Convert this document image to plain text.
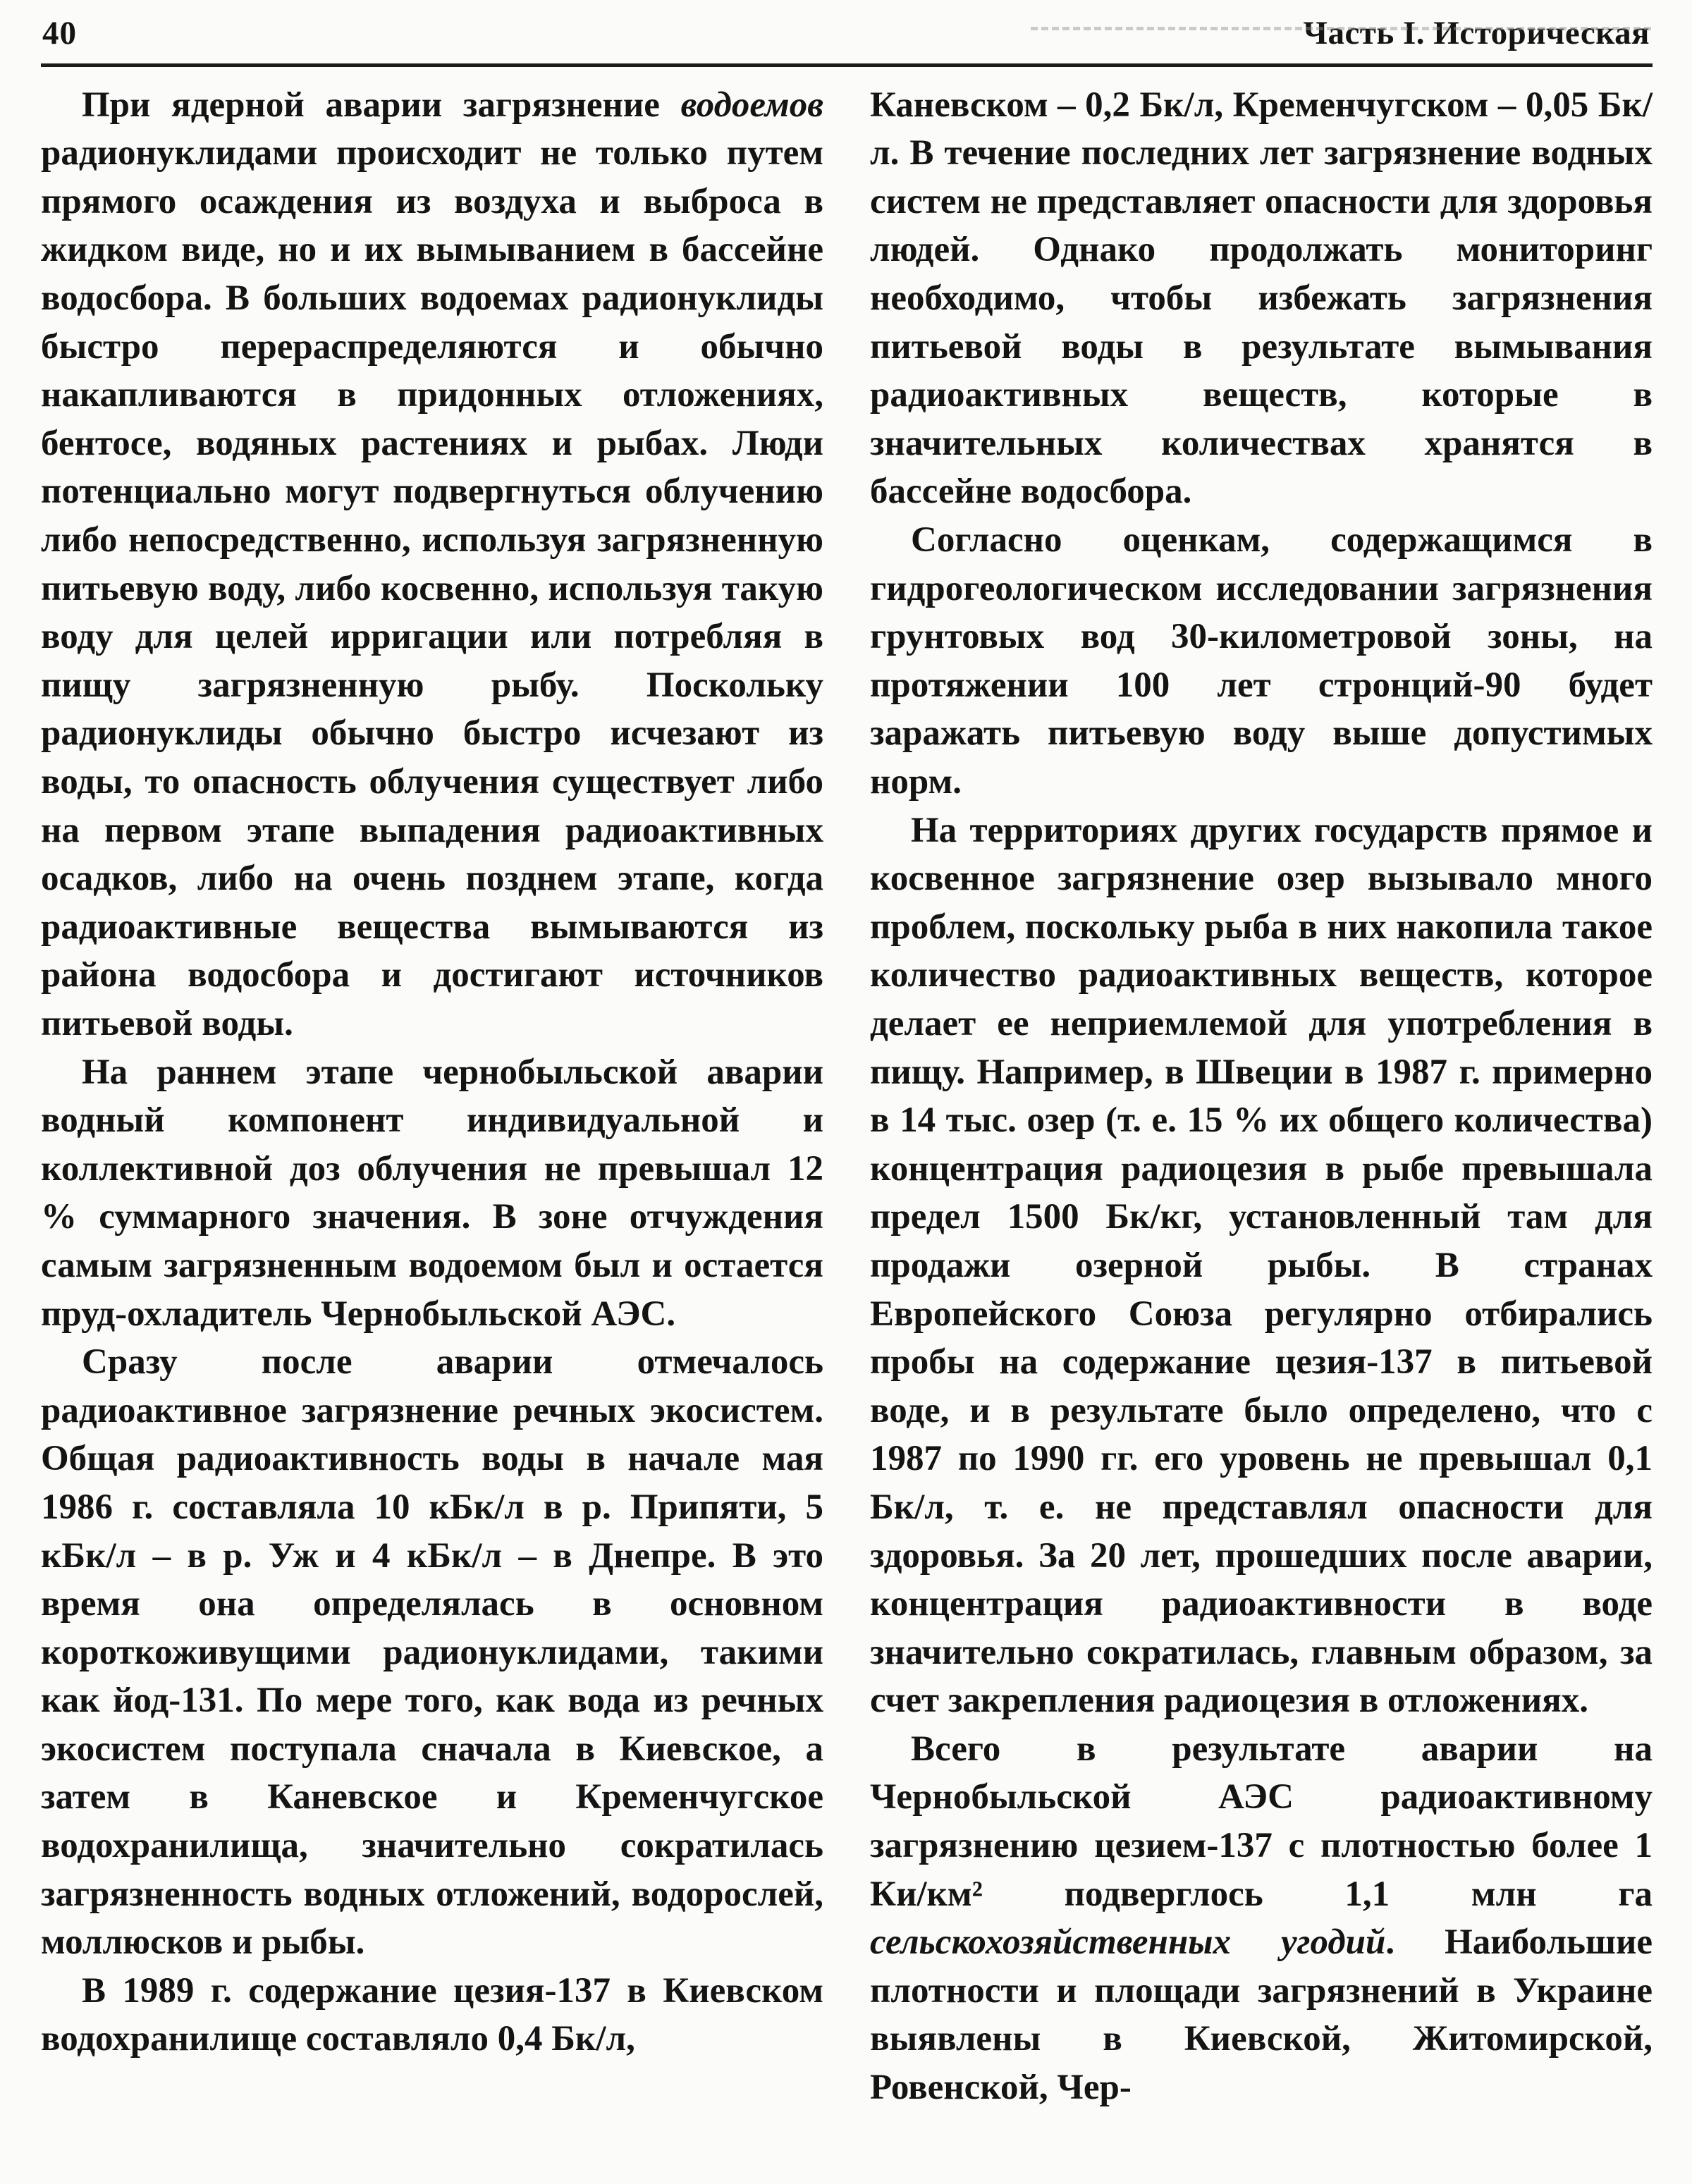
40	Часть I. Историческая

При ядерной аварии загрязнение водоемов радионуклидами происходит не только путем прямого осаждения из воздуха и выброса в жидком виде, но и их вымыванием в бассейне водосбора. В больших водоемах радионуклиды быстро перераспределяются и обычно накапливаются в придонных отложениях, бентосе, водяных растениях и рыбах. Люди потенциально могут подвергнуться облучению либо непосредственно, используя загрязненную питьевую воду, либо косвенно, используя такую воду для целей ирригации или потребляя в пищу загрязненную рыбу. Поскольку радионуклиды обычно быстро исчезают из воды, то опасность облучения существует либо на первом этапе выпадения радиоактивных осадков, либо на очень позднем этапе, когда радиоактивные вещества вымываются из района водосбора и достигают источников питьевой воды.

На раннем этапе чернобыльской аварии водный компонент индивидуальной и коллективной доз облучения не превышал 12 % суммарного значения. В зоне отчуждения самым загрязненным водоемом был и остается пруд-охладитель Чернобыльской АЭС.

Сразу после аварии отмечалось радиоактивное загрязнение речных экосистем. Общая радиоактивность воды в начале мая 1986 г. составляла 10 кБк/л в р. Припяти, 5 кБк/л – в р. Уж и 4 кБк/л – в Днепре. В это время она определялась в основном короткоживущими радионуклидами, такими как йод-131. По мере того, как вода из речных экосистем поступала сначала в Киевское, а затем в Каневское и Кременчугское водохранилища, значительно сократилась загрязненность водных отложений, водорослей, моллюсков и рыбы.

В 1989 г. содержание цезия-137 в Киевском водохранилище составляло 0,4 Бк/л,

Каневском – 0,2 Бк/л, Кременчугском – 0,05 Бк/л. В течение последних лет загрязнение водных систем не представляет опасности для здоровья людей. Однако продолжать мониторинг необходимо, чтобы избежать загрязнения питьевой воды в результате вымывания радиоактивных веществ, которые в значительных количествах хранятся в бассейне водосбора.

Согласно оценкам, содержащимся в гидрогеологическом исследовании загрязнения грунтовых вод 30-километровой зоны, на протяжении 100 лет стронций-90 будет заражать питьевую воду выше допустимых норм.

На территориях других государств прямое и косвенное загрязнение озер вызывало много проблем, поскольку рыба в них накопила такое количество радиоактивных веществ, которое делает ее неприемлемой для употребления в пищу. Например, в Швеции в 1987 г. примерно в 14 тыс. озер (т. е. 15 % их общего количества) концентрация радиоцезия в рыбе превышала предел 1500 Бк/кг, установленный там для продажи озерной рыбы. В странах Европейского Союза регулярно отбирались пробы на содержание цезия-137 в питьевой воде, и в результате было определено, что с 1987 по 1990 гг. его уровень не превышал 0,1 Бк/л, т. е. не представлял опасности для здоровья. За 20 лет, прошедших после аварии, концентрация радиоактивности в воде значительно сократилась, главным образом, за счет закрепления радиоцезия в отложениях.

Всего в результате аварии на Чернобыльской АЭС радиоактивному загрязнению цезием-137 с плотностью более 1 Ки/км² подверглось 1,1 млн га сельскохозяйственных угодий. Наибольшие плотности и площади загрязнений в Украине выявлены в Киевской, Житомирской, Ровенской, Чер-
